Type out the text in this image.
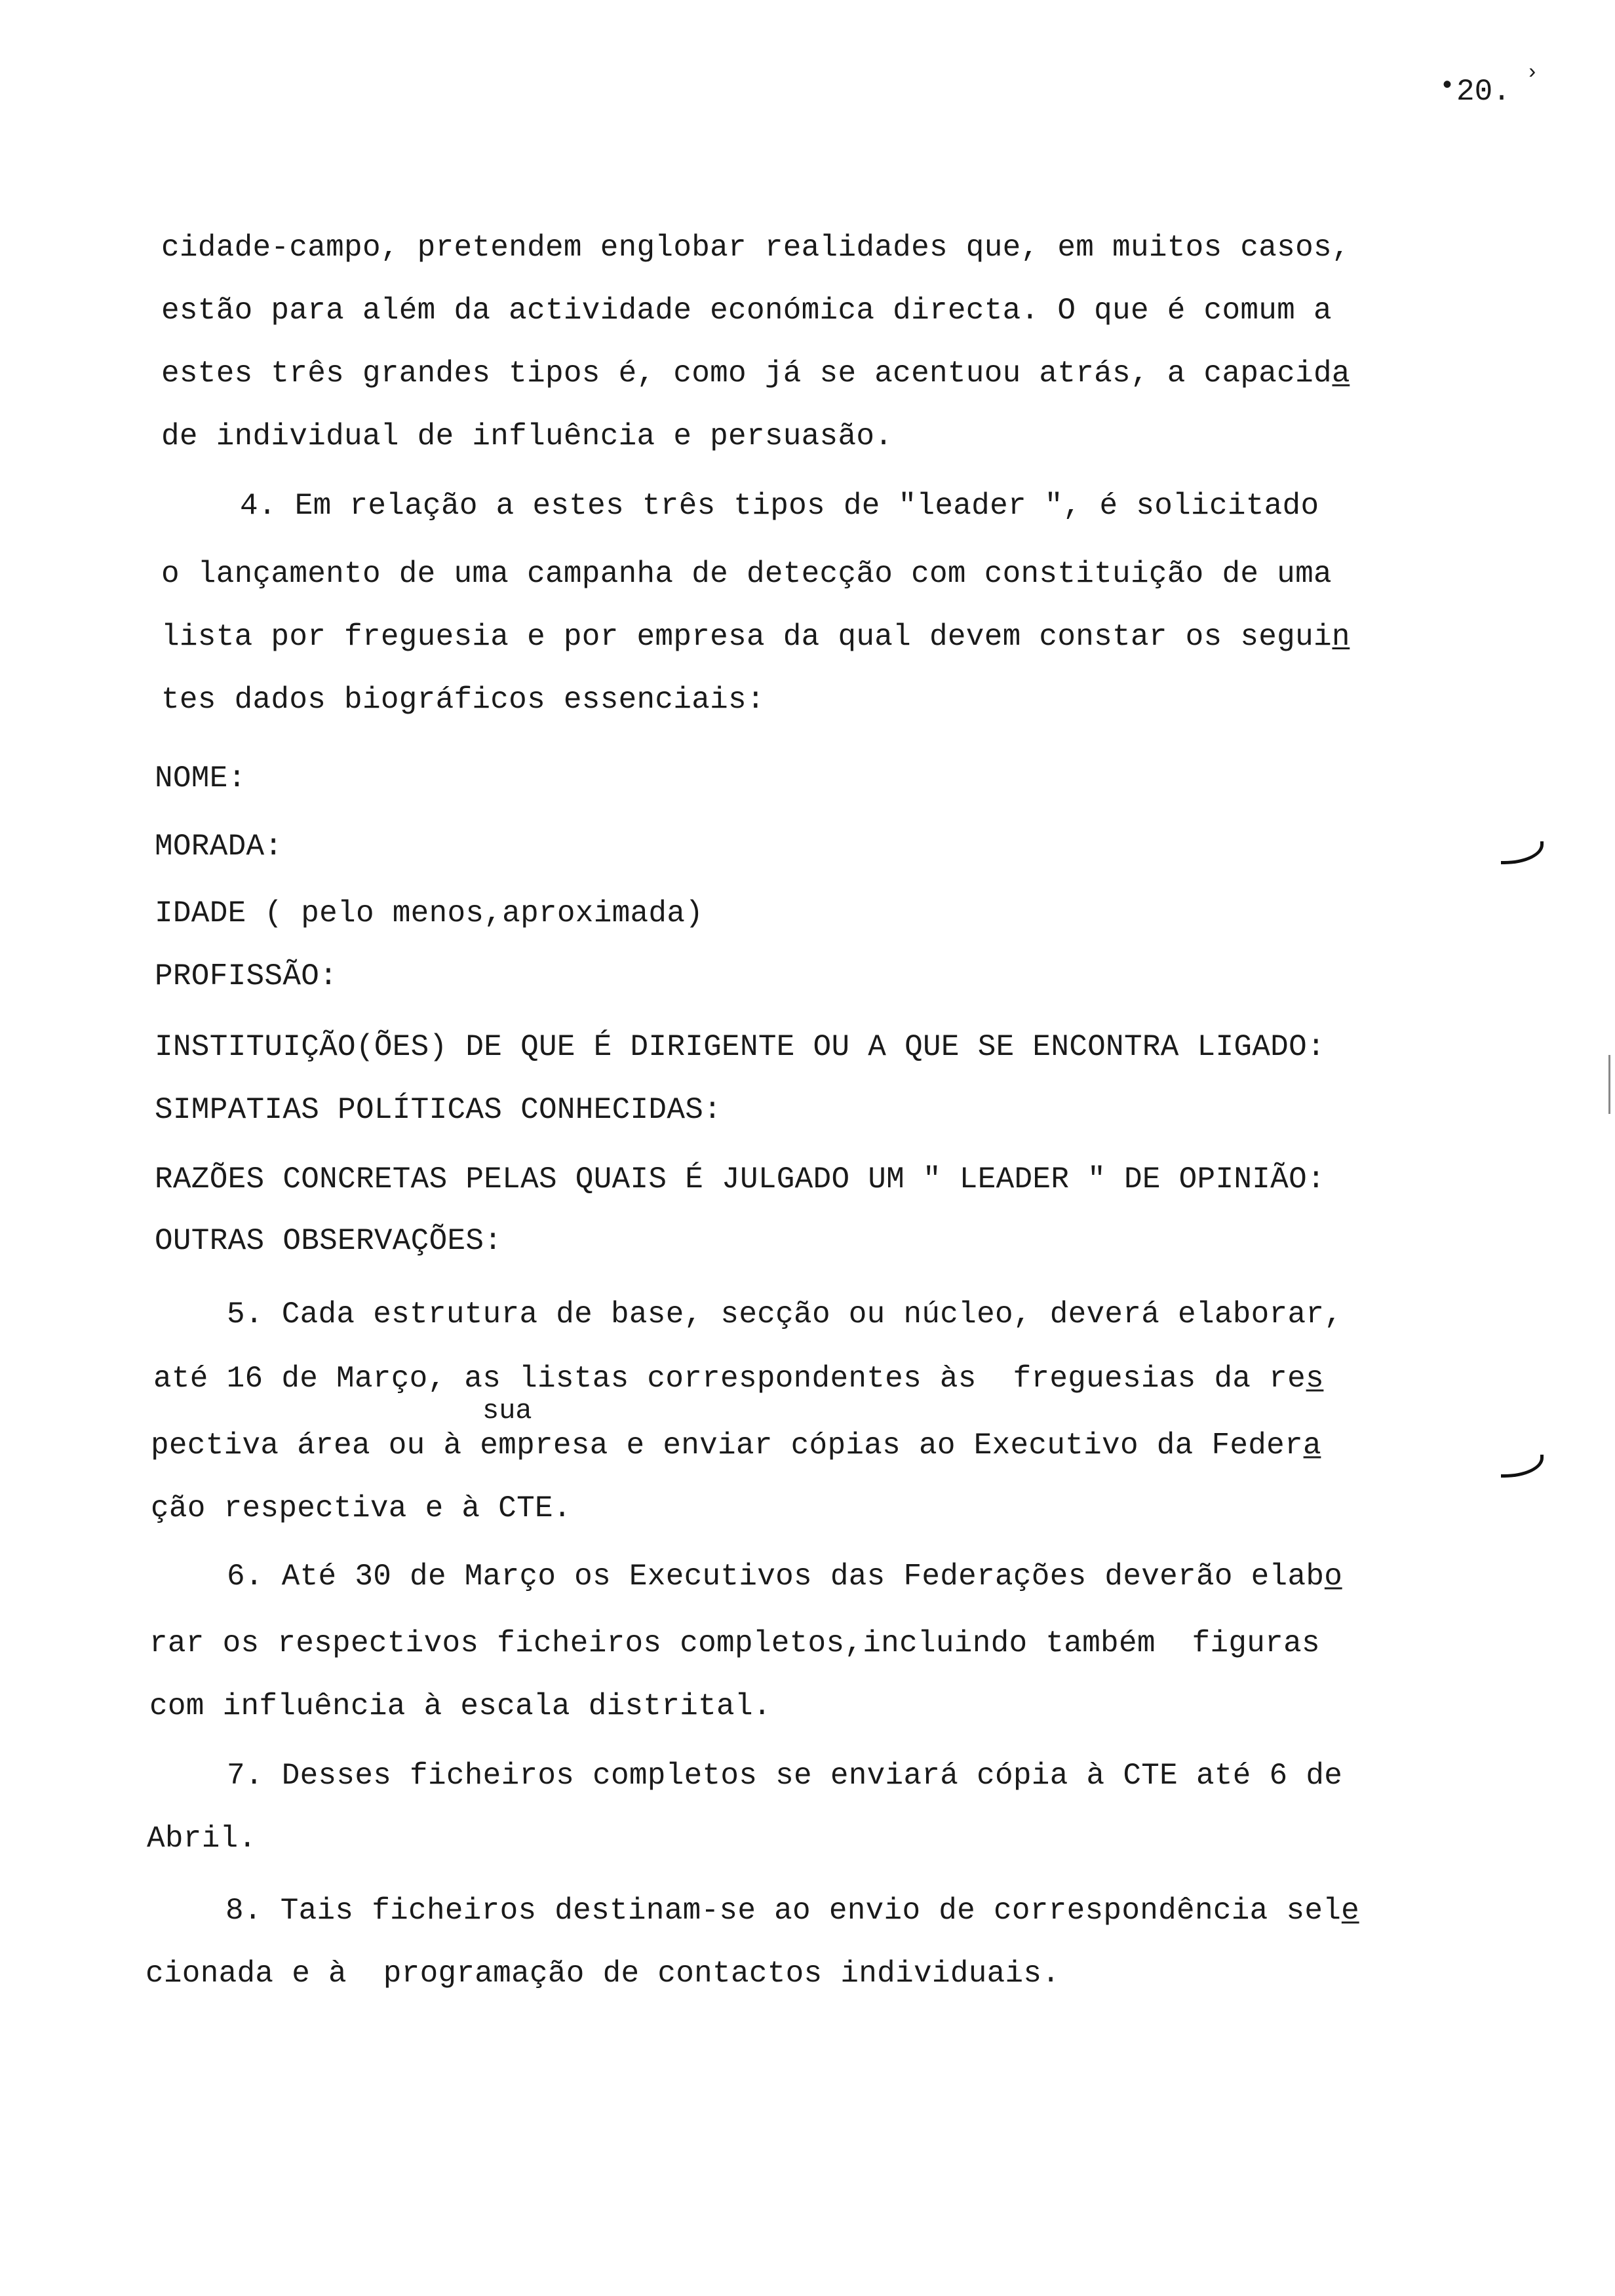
• 20.
›
cidade-campo, pretendem englobar realidades que, em muitos casos,
estão para além da actividade económica directa. O que é comum a
estes três grandes tipos é, como já se acentuou atrás, a capacida̲
de individual de influência e persuasão.
4. Em relação a estes três tipos de "leader ", é solicitado
o lançamento de uma campanha de detecção com constituição de uma
lista por freguesia e por empresa da qual devem constar os seguin̲
tes dados biográficos essenciais:
NOME:
MORADA:
IDADE ( pelo menos,aproximada)
PROFISSÃO:
INSTITUIÇÃO(ÕES) DE QUE É DIRIGENTE OU A QUE SE ENCONTRA LIGADO:
SIMPATIAS POLÍTICAS CONHECIDAS:
RAZÕES CONCRETAS PELAS QUAIS É JULGADO UM " LEADER " DE OPINIÃO:
OUTRAS OBSERVAÇÕES:
5. Cada estrutura de base, secção ou núcleo, deverá elaborar,
até 16 de Março, as listas correspondentes às  freguesias da res̲
sua
pectiva área ou à empresa e enviar cópias ao Executivo da Federa̲
ção respectiva e à CTE.
6. Até 30 de Março os Executivos das Federações deverão elabo̲
rar os respectivos ficheiros completos,incluindo também  figuras
com influência à escala distrital.
7. Desses ficheiros completos se enviará cópia à CTE até 6 de
Abril.
8. Tais ficheiros destinam-se ao envio de correspondência sele̲
cionada e à  programação de contactos individuais.
